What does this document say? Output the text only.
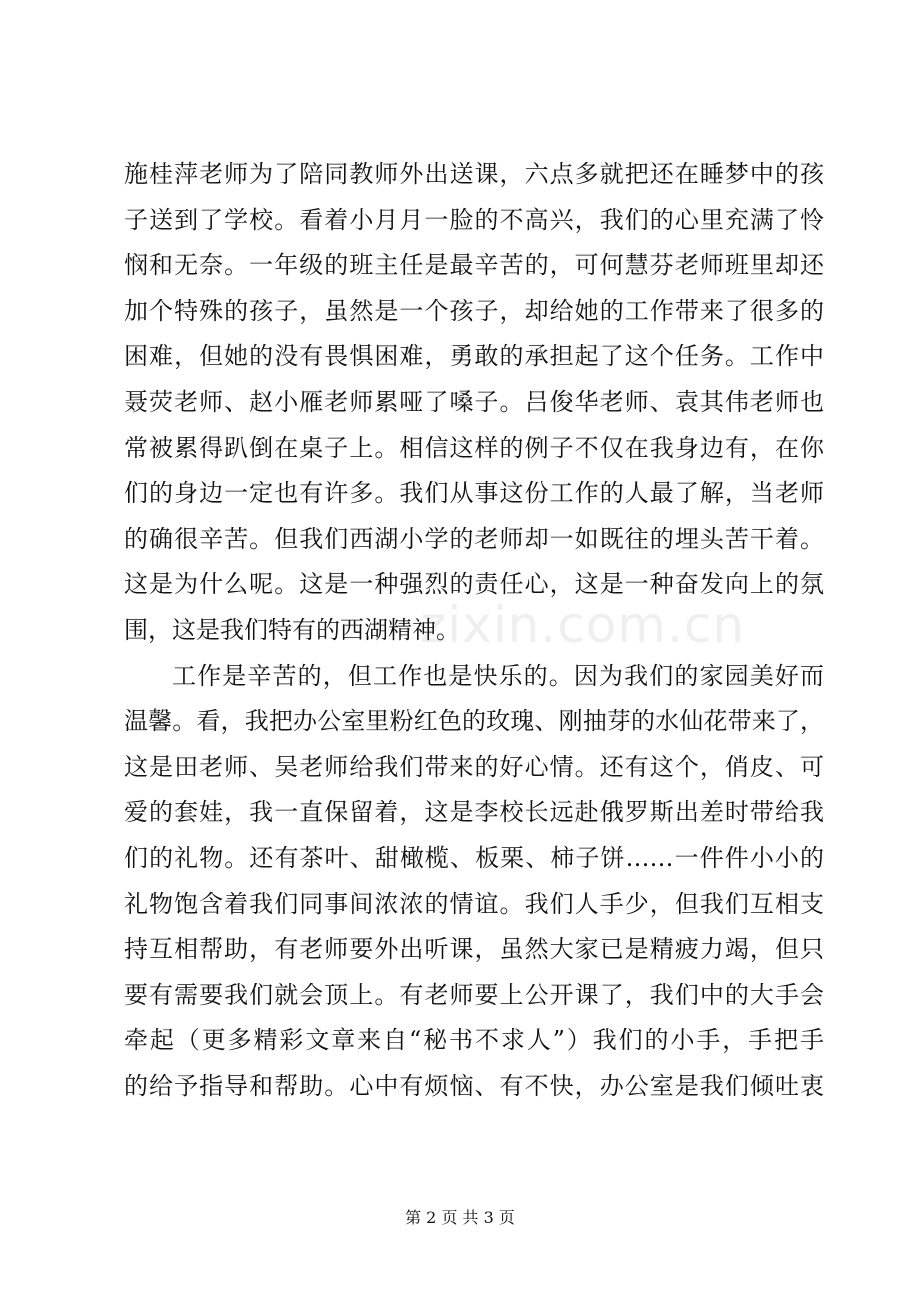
施桂萍老师为了陪同教师外出送课，六点多就把还在睡梦中的孩
子送到了学校。看着小月月一脸的不高兴，我们的心里充满了怜
悯和无奈。一年级的班主任是最辛苦的，可何慧芬老师班里却还
加个特殊的孩子，虽然是一个孩子，却给她的工作带来了很多的
困难，但她的没有畏惧困难，勇敢的承担起了这个任务。工作中
聂荧老师、赵小雁老师累哑了嗓子。吕俊华老师、袁其伟老师也
常被累得趴倒在桌子上。相信这样的例子不仅在我身边有，在你
们的身边一定也有许多。我们从事这份工作的人最了解，当老师
的确很辛苦。但我们西湖小学的老师却一如既往的埋头苦干着。
这是为什么呢。这是一种强烈的责任心，这是一种奋发向上的氛
围，这是我们特有的西湖精神。
工作是辛苦的，但工作也是快乐的。因为我们的家园美好而
温馨。看，我把办公室里粉红色的玫瑰、刚抽芽的水仙花带来了，
这是田老师、吴老师给我们带来的好心情。还有这个，俏皮、可
爱的套娃，我一直保留着，这是李校长远赴俄罗斯出差时带给我
们的礼物。还有茶叶、甜橄榄、板栗、柿子饼……一件件小小的
礼物饱含着我们同事间浓浓的情谊。我们人手少，但我们互相支
持互相帮助，有老师要外出听课，虽然大家已是精疲力竭，但只
要有需要我们就会顶上。有老师要上公开课了，我们中的大手会
牵起（更多精彩文章来自“秘书不求人”）我们的小手，手把手
的给予指导和帮助。心中有烦恼、有不快，办公室是我们倾吐衷
zixin.com.cn
第 2 页 共 3 页
